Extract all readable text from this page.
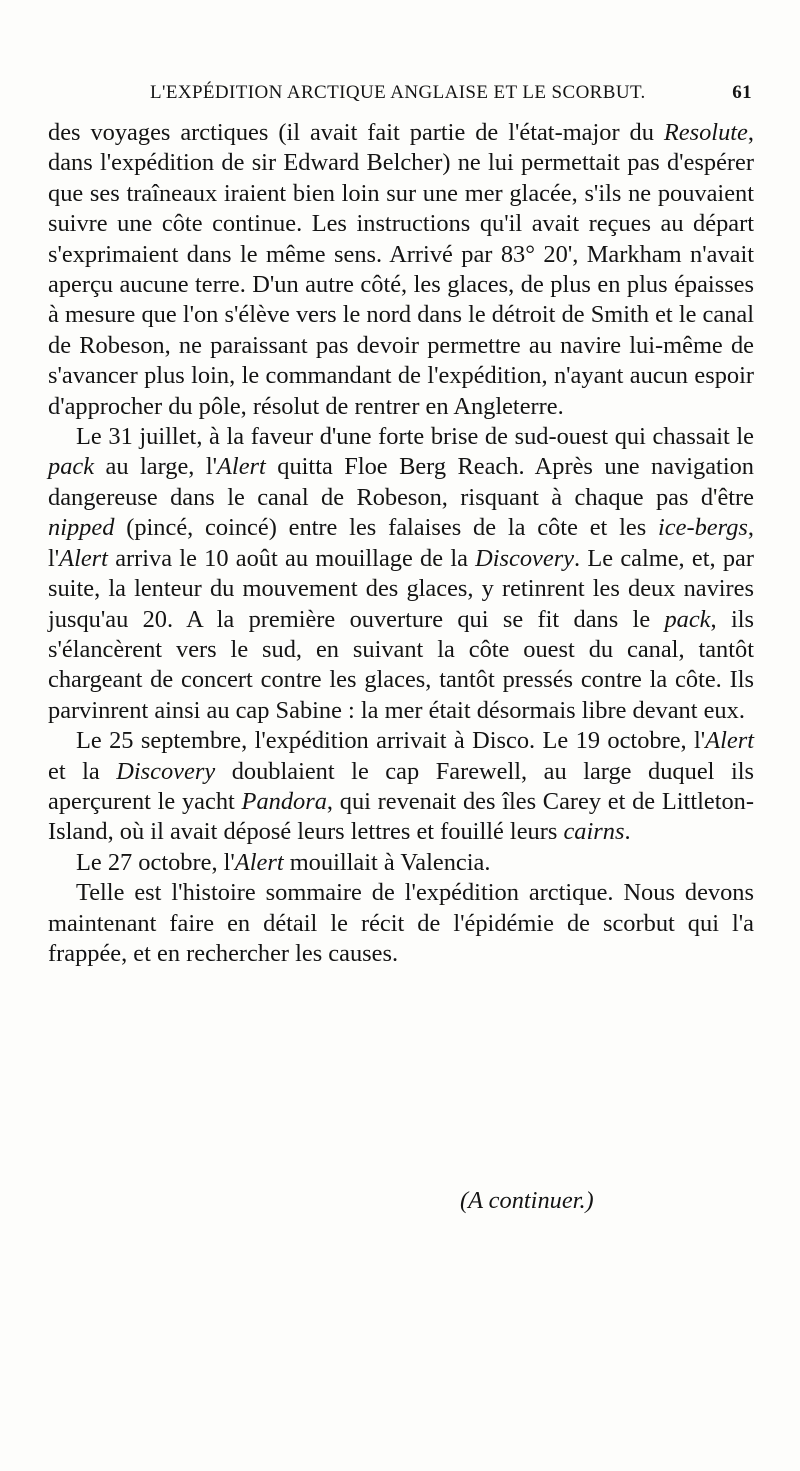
L'EXPÉDITION ARCTIQUE ANGLAISE ET LE SCORBUT.	61

des voyages arctiques (il avait fait partie de l'état-major du Resolute, dans l'expédition de sir Edward Belcher) ne lui permettait pas d'espérer que ses traîneaux iraient bien loin sur une mer glacée, s'ils ne pouvaient suivre une côte continue. Les instructions qu'il avait reçues au départ s'exprimaient dans le même sens. Arrivé par 83° 20', Markham n'avait aperçu aucune terre. D'un autre côté, les glaces, de plus en plus épaisses à mesure que l'on s'élève vers le nord dans le détroit de Smith et le canal de Robeson, ne paraissant pas devoir permettre au navire lui-même de s'avancer plus loin, le commandant de l'expédition, n'ayant aucun espoir d'approcher du pôle, résolut de rentrer en Angleterre.

Le 31 juillet, à la faveur d'une forte brise de sud-ouest qui chassait le pack au large, l'Alert quitta Floe Berg Reach. Après une navigation dangereuse dans le canal de Robeson, risquant à chaque pas d'être nipped (pincé, coincé) entre les falaises de la côte et les ice-bergs, l'Alert arriva le 10 août au mouillage de la Discovery. Le calme, et, par suite, la lenteur du mouvement des glaces, y retinrent les deux navires jusqu'au 20. A la première ouverture qui se fit dans le pack, ils s'élancèrent vers le sud, en suivant la côte ouest du canal, tantôt chargeant de concert contre les glaces, tantôt pressés contre la côte. Ils parvinrent ainsi au cap Sabine : la mer était désormais libre devant eux.

Le 25 septembre, l'expédition arrivait à Disco. Le 19 octobre, l'Alert et la Discovery doublaient le cap Farewell, au large duquel ils aperçurent le yacht Pandora, qui revenait des îles Carey et de Littleton-Island, où il avait déposé leurs lettres et fouillé leurs cairns.

Le 27 octobre, l'Alert mouillait à Valencia.

Telle est l'histoire sommaire de l'expédition arctique. Nous devons maintenant faire en détail le récit de l'épidémie de scorbut qui l'a frappée, et en rechercher les causes.

(A continuer.)
